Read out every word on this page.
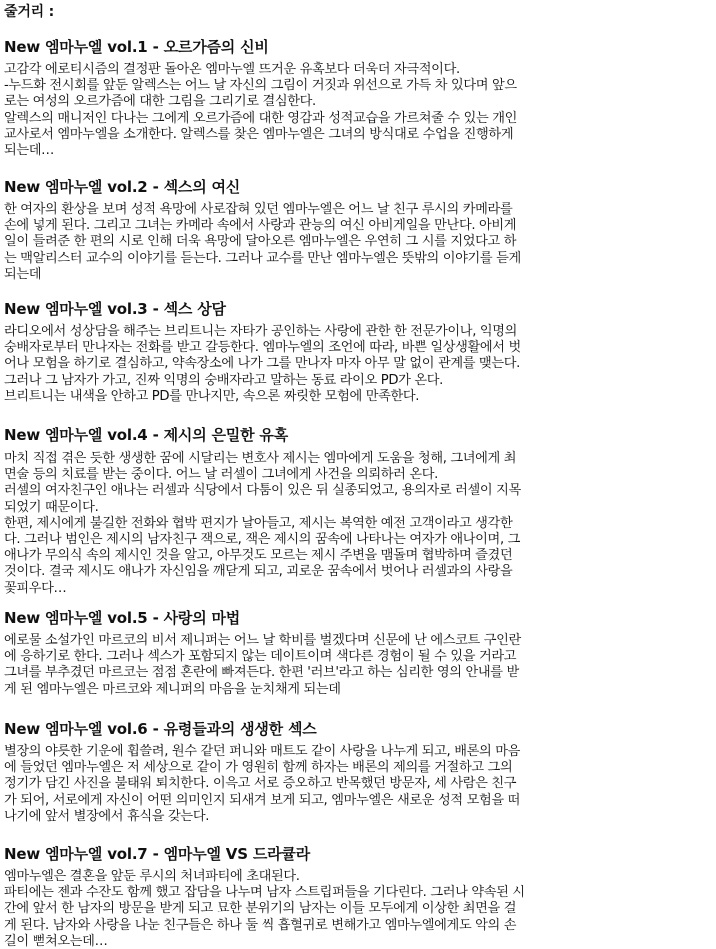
줄거리 :
New 엠마누엘 vol.1 - 오르가즘의 신비
고감각 에로티시즘의 결정판 돌아온 엠마누엘 뜨거운 유혹보다 더욱더 자극적이다.
-누드화 전시회를 앞둔 알렉스는 어느 날 자신의 그림이 거짓과 위선으로 가득 차 있다며 앞으
로는 여성의 오르가즘에 대한 그림을 그리기로 결심한다.
알렉스의 매니저인 다나는 그에게 오르가즘에 대한 영감과 성적교습을 가르쳐줄 수 있는 개인
교사로서 엠마누엘을 소개한다. 알렉스를 찾은 엠마누엘은 그녀의 방식대로 수업을 진행하게
되는데…
New 엠마누엘 vol.2 - 섹스의 여신
한 여자의 환상을 보며 성적 욕망에 사로잡혀 있던 엠마누엘은 어느 날 친구 루시의 카메라를
손에 넣게 된다. 그리고 그녀는 카메라 속에서 사랑과 관능의 여신 아비게일을 만난다. 아비게
일이 들려준 한 편의 시로 인해 더욱 욕망에 달아오른 엠마누엘은 우연히 그 시를 지었다고 하
는 맥알리스터 교수의 이야기를 듣는다. 그러나 교수를 만난 엠마누엘은 뜻밖의 이야기를 듣게
되는데
New 엠마누엘 vol.3 - 섹스 상담
라디오에서 성상담을 해주는 브리트니는 자타가 공인하는 사랑에 관한 한 전문가이나, 익명의
숭배자로부터 만나자는 전화를 받고 갈등한다. 엠마누엘의 조언에 따라, 바쁜 일상생활에서 벗
어나 모험을 하기로 결심하고, 약속장소에 나가 그를 만나자 마자 아무 말 없이 관계를 맺는다.
그러나 그 남자가 가고, 진짜 익명의 숭배자라고 말하는 동료 라이오 PD가 온다.
브리트니는 내색을 안하고 PD를 만나지만, 속으론 짜릿한 모험에 만족한다.
New 엠마누엘 vol.4 - 제시의 은밀한 유혹
마치 직접 겪은 듯한 생생한 꿈에 시달리는 변호사 제시는 엠마에게 도움을 청해, 그녀에게 최
면술 등의 치료를 받는 중이다. 어느 날 러셀이 그녀에게 사건을 의뢰하러 온다.
러셀의 여자친구인 애나는 러셀과 식당에서 다툼이 있은 뒤 실종되었고, 용의자로 러셀이 지목
되었기 때문이다.
한편, 제시에게 불길한 전화와 협박 편지가 날아들고, 제시는 복역한 예전 고객이라고 생각한
다. 그러나 범인은 제시의 남자친구 잭으로, 잭은 제시의 꿈속에 나타나는 여자가 애나이며, 그
애나가 무의식 속의 제시인 것을 알고, 아무것도 모르는 제시 주변을 맴돌며 협박하며 즐겼던
것이다. 결국 제시도 애나가 자신임을 깨닫게 되고, 괴로운 꿈속에서 벗어나 러셀과의 사랑을
꽃피우다…
New 엠마누엘 vol.5 - 사랑의 마법
에로물 소설가인 마르코의 비서 제니퍼는 어느 날 학비를 벌겠다며 신문에 난 에스코트 구인란
에 응하기로 한다. 그러나 섹스가 포함되지 않는 데이트이며 색다른 경험이 될 수 있을 거라고
그녀를 부추겼던 마르코는 점점 혼란에 빠져든다. 한편 '러브'라고 하는 심리한 영의 안내를 받
게 된 엠마누엘은 마르코와 제니퍼의 마음을 눈치채게 되는데
New 엠마누엘 vol.6 - 유령들과의 생생한 섹스
별장의 야릇한 기운에 휩쓸려, 원수 같던 퍼니와 매트도 같이 사랑을 나누게 되고, 배론의 마음
에 들었던 엠마누엘은 저 세상으로 같이 가 영원히 함께 하자는 배론의 제의를 거절하고 그의
정기가 담긴 사진을 불태워 퇴치한다. 이윽고 서로 증오하고 반목했던 방문자, 세 사람은 친구
가 되어, 서로에게 자신이 어떤 의미인지 되새겨 보게 되고, 엠마누엘은 새로운 성적 모험을 떠
나기에 앞서 별장에서 휴식을 갖는다.
New 엠마누엘 vol.7 - 엠마누엘 VS 드라큘라
엠마누엘은 결혼을 앞둔 루시의 처녀파티에 초대된다.
파티에는 젠과 수잔도 함께 했고 잡담을 나누며 남자 스트립퍼들을 기다린다. 그러나 약속된 시
간에 앞서 한 남자의 방문을 받게 되고 묘한 분위기의 남자는 이들 모두에게 이상한 최면을 걸
게 된다. 남자와 사랑을 나눈 친구들은 하나 둘 씩 흡혈귀로 변해가고 엠마누엘에게도 악의 손
길이 뻗쳐오는데…
